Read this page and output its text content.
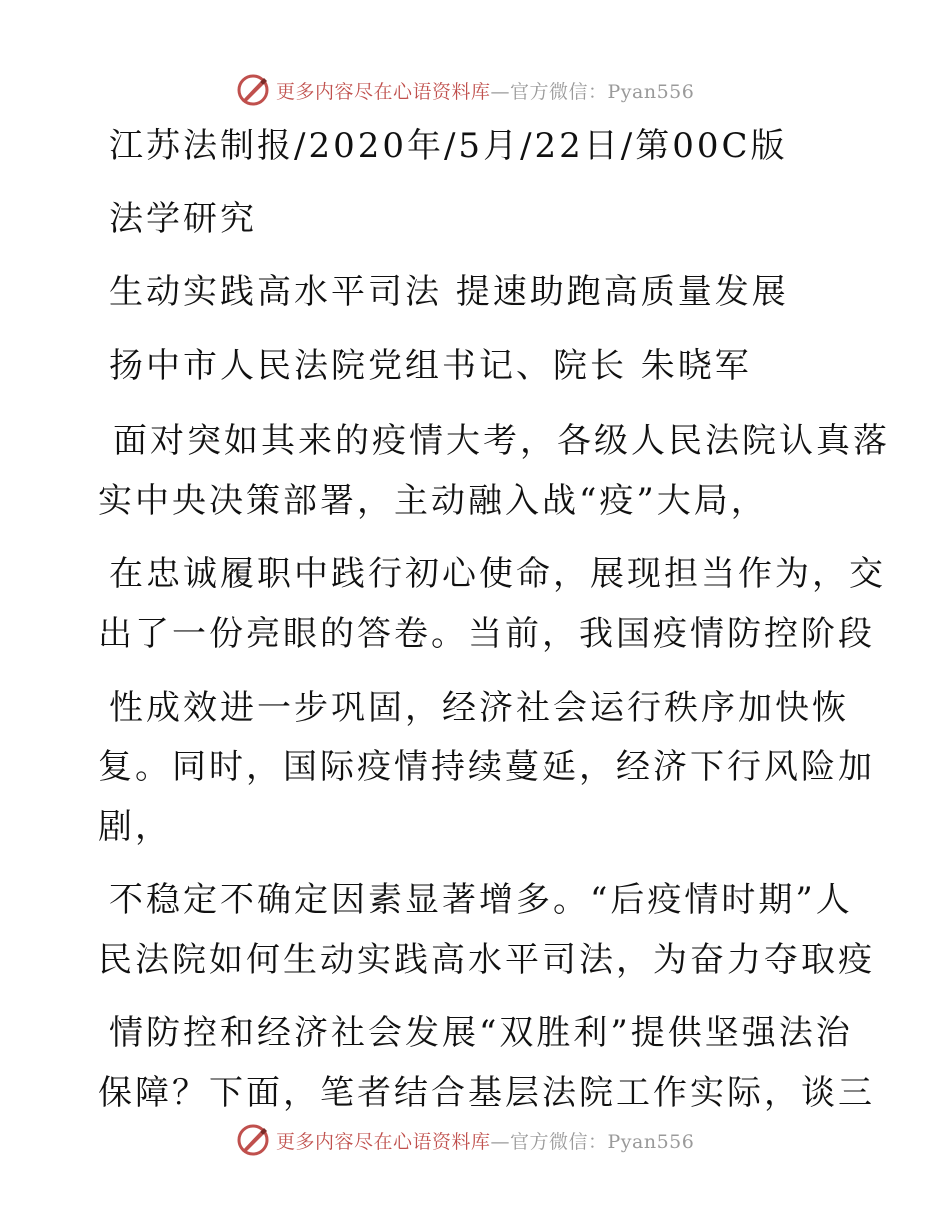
更多内容尽在心语资料库—官方微信：Pyan556

江苏法制报/2020年/5月/22日/第00C版

法学研究

生动实践高水平司法 提速助跑高质量发展

扬中市人民法院党组书记、院长 朱晓军

面对突如其来的疫情大考，各级人民法院认真落

实中央决策部署，主动融入战“疫”大局，

在忠诚履职中践行初心使命，展现担当作为，交

出了一份亮眼的答卷。当前，我国疫情防控阶段

性成效进一步巩固，经济社会运行秩序加快恢

复。同时，国际疫情持续蔓延，经济下行风险加

剧，

不稳定不确定因素显著增多。“后疫情时期”人

民法院如何生动实践高水平司法，为奋力夺取疫

情防控和经济社会发展“双胜利”提供坚强法治

保障？下面，笔者结合基层法院工作实际，谈三

更多内容尽在心语资料库—官方微信：Pyan556
